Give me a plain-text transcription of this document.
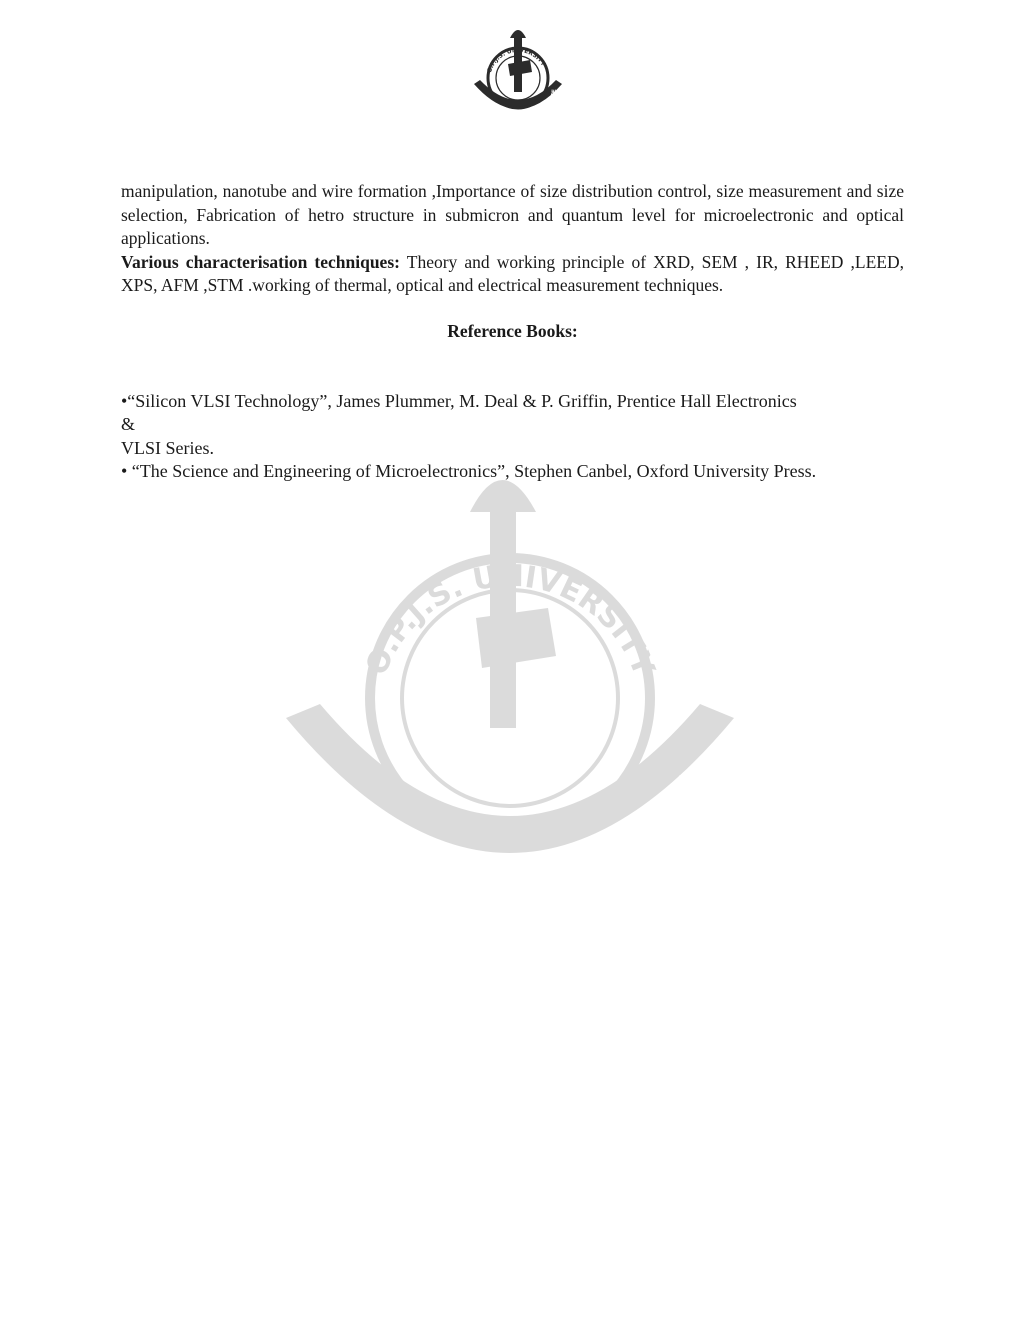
O.P.J.S. UNIVERSITY
WISDOM WITH KNOWLEDGE
O.P.J.S. UNIVERSITY
WISDOM WITH KNOWLEDG

manipulation, nanotube and wire formation ,Importance of size distribution control, size measurement and size selection, Fabrication of hetro structure in submicron and quantum level for microelectronic and optical applications.

Various characterisation techniques: Theory and working principle of XRD, SEM , IR, RHEED ,LEED, XPS, AFM ,STM .working of thermal, optical and electrical measurement techniques.

Reference Books:

•“Silicon VLSI Technology”, James Plummer, M. Deal & P. Griffin, Prentice Hall Electronics

&

VLSI Series.

• “The Science and Engineering of Microelectronics”, Stephen Canbel, Oxford University Press.
